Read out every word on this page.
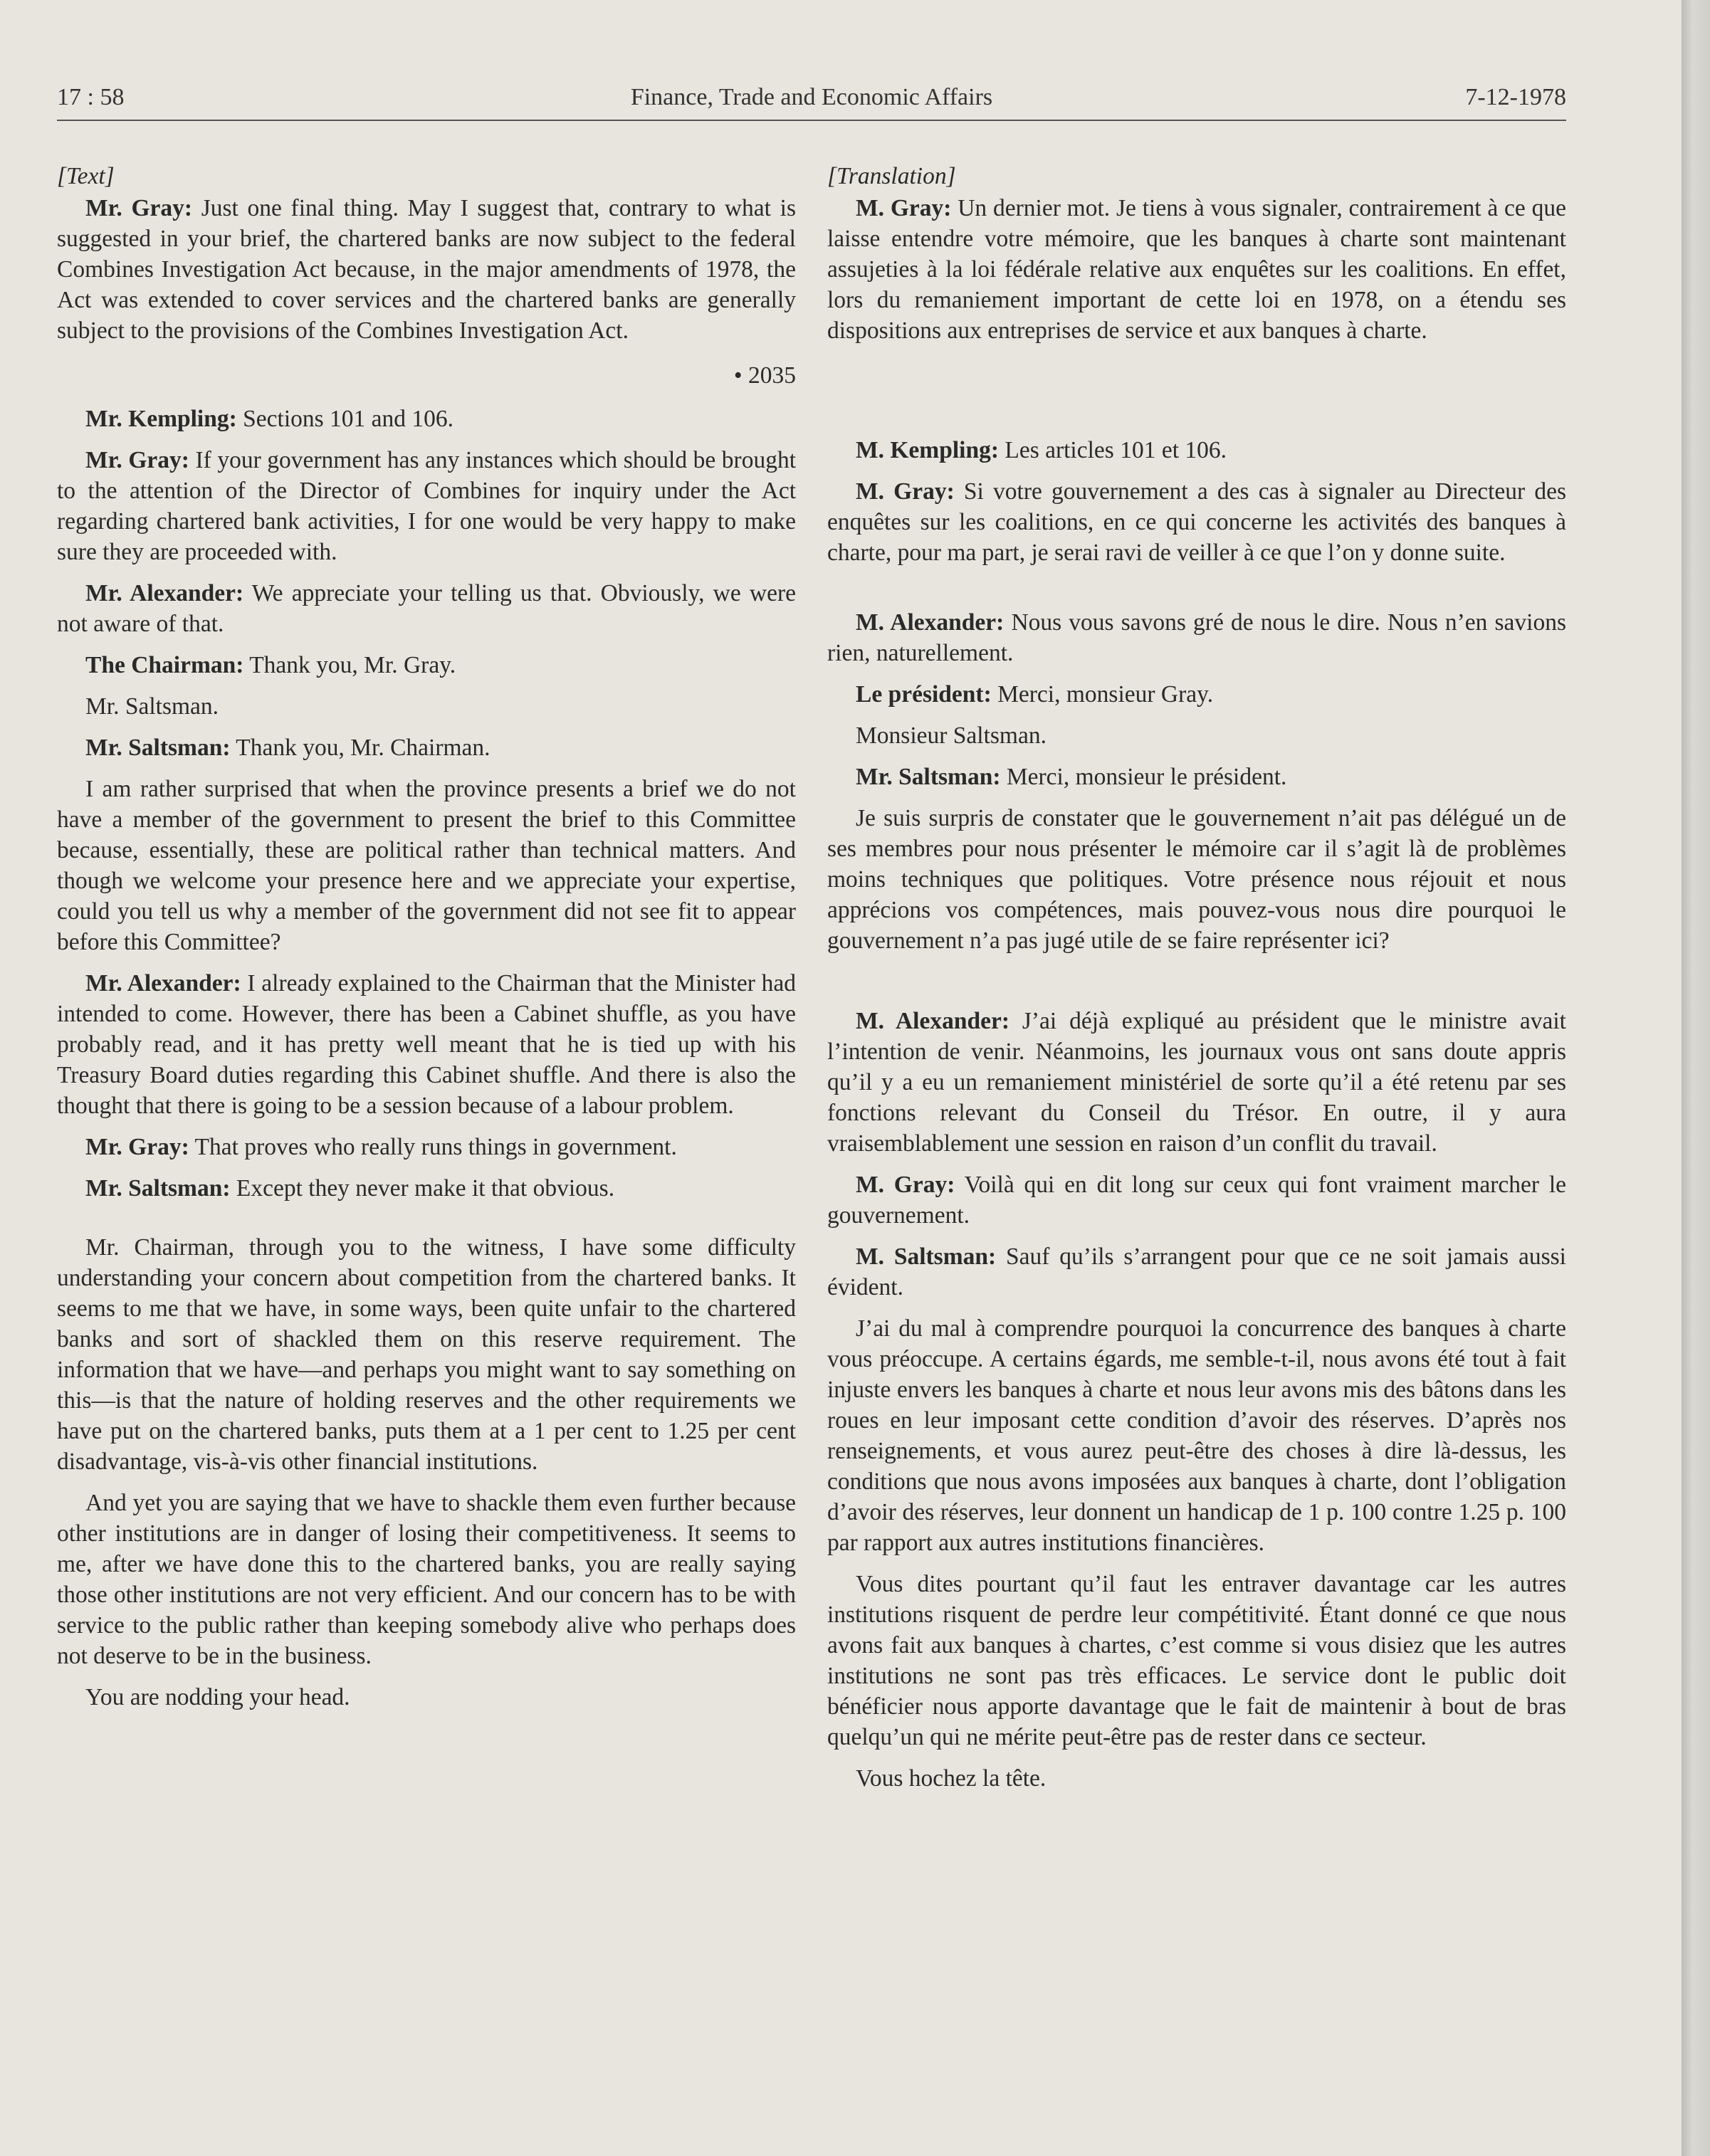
17 : 58	Finance, Trade and Economic Affairs	7-12-1978

[Text]

Mr. Gray: Just one final thing. May I suggest that, contrary to what is suggested in your brief, the chartered banks are now subject to the federal Combines Investigation Act because, in the major amendments of 1978, the Act was extended to cover services and the chartered banks are generally subject to the provisions of the Combines Investigation Act.

• 2035

Mr. Kempling: Sections 101 and 106.

Mr. Gray: If your government has any instances which should be brought to the attention of the Director of Combines for inquiry under the Act regarding chartered bank activities, I for one would be very happy to make sure they are proceeded with.

Mr. Alexander: We appreciate your telling us that. Obviously, we were not aware of that.

The Chairman: Thank you, Mr. Gray.

Mr. Saltsman.

Mr. Saltsman: Thank you, Mr. Chairman.

I am rather surprised that when the province presents a brief we do not have a member of the government to present the brief to this Committee because, essentially, these are political rather than technical matters. And though we welcome your presence here and we appreciate your expertise, could you tell us why a member of the government did not see fit to appear before this Committee?

Mr. Alexander: I already explained to the Chairman that the Minister had intended to come. However, there has been a Cabinet shuffle, as you have probably read, and it has pretty well meant that he is tied up with his Treasury Board duties regarding this Cabinet shuffle. And there is also the thought that there is going to be a session because of a labour problem.

Mr. Gray: That proves who really runs things in government.

Mr. Saltsman: Except they never make it that obvious.

Mr. Chairman, through you to the witness, I have some difficulty understanding your concern about competition from the chartered banks. It seems to me that we have, in some ways, been quite unfair to the chartered banks and sort of shackled them on this reserve requirement. The information that we have—and perhaps you might want to say something on this—is that the nature of holding reserves and the other requirements we have put on the chartered banks, puts them at a 1 per cent to 1.25 per cent disadvantage, vis-à-vis other financial institutions.

And yet you are saying that we have to shackle them even further because other institutions are in danger of losing their competitiveness. It seems to me, after we have done this to the chartered banks, you are really saying those other institutions are not very efficient. And our concern has to be with service to the public rather than keeping somebody alive who perhaps does not deserve to be in the business.

You are nodding your head.

[Translation]

M. Gray: Un dernier mot. Je tiens à vous signaler, contrairement à ce que laisse entendre votre mémoire, que les banques à charte sont maintenant assujeties à la loi fédérale relative aux enquêtes sur les coalitions. En effet, lors du remaniement important de cette loi en 1978, on a étendu ses dispositions aux entreprises de service et aux banques à charte.

M. Kempling: Les articles 101 et 106.

M. Gray: Si votre gouvernement a des cas à signaler au Directeur des enquêtes sur les coalitions, en ce qui concerne les activités des banques à charte, pour ma part, je serai ravi de veiller à ce que l’on y donne suite.

M. Alexander: Nous vous savons gré de nous le dire. Nous n’en savions rien, naturellement.

Le président: Merci, monsieur Gray.

Monsieur Saltsman.

Mr. Saltsman: Merci, monsieur le président.

Je suis surpris de constater que le gouvernement n’ait pas délégué un de ses membres pour nous présenter le mémoire car il s’agit là de problèmes moins techniques que politiques. Votre présence nous réjouit et nous apprécions vos compétences, mais pouvez-vous nous dire pourquoi le gouvernement n’a pas jugé utile de se faire représenter ici?

M. Alexander: J’ai déjà expliqué au président que le ministre avait l’intention de venir. Néanmoins, les journaux vous ont sans doute appris qu’il y a eu un remaniement ministériel de sorte qu’il a été retenu par ses fonctions relevant du Conseil du Trésor. En outre, il y aura vraisemblablement une session en raison d’un conflit du travail.

M. Gray: Voilà qui en dit long sur ceux qui font vraiment marcher le gouvernement.

M. Saltsman: Sauf qu’ils s’arrangent pour que ce ne soit jamais aussi évident.

J’ai du mal à comprendre pourquoi la concurrence des banques à charte vous préoccupe. A certains égards, me semble-t-il, nous avons été tout à fait injuste envers les banques à charte et nous leur avons mis des bâtons dans les roues en leur imposant cette condition d’avoir des réserves. D’après nos renseignements, et vous aurez peut-être des choses à dire là-dessus, les conditions que nous avons imposées aux banques à charte, dont l’obligation d’avoir des réserves, leur donnent un handicap de 1 p. 100 contre 1.25 p. 100 par rapport aux autres institutions financières.

Vous dites pourtant qu’il faut les entraver davantage car les autres institutions risquent de perdre leur compétitivité. Étant donné ce que nous avons fait aux banques à chartes, c’est comme si vous disiez que les autres institutions ne sont pas très efficaces. Le service dont le public doit bénéficier nous apporte davantage que le fait de maintenir à bout de bras quelqu’un qui ne mérite peut-être pas de rester dans ce secteur.

Vous hochez la tête.
